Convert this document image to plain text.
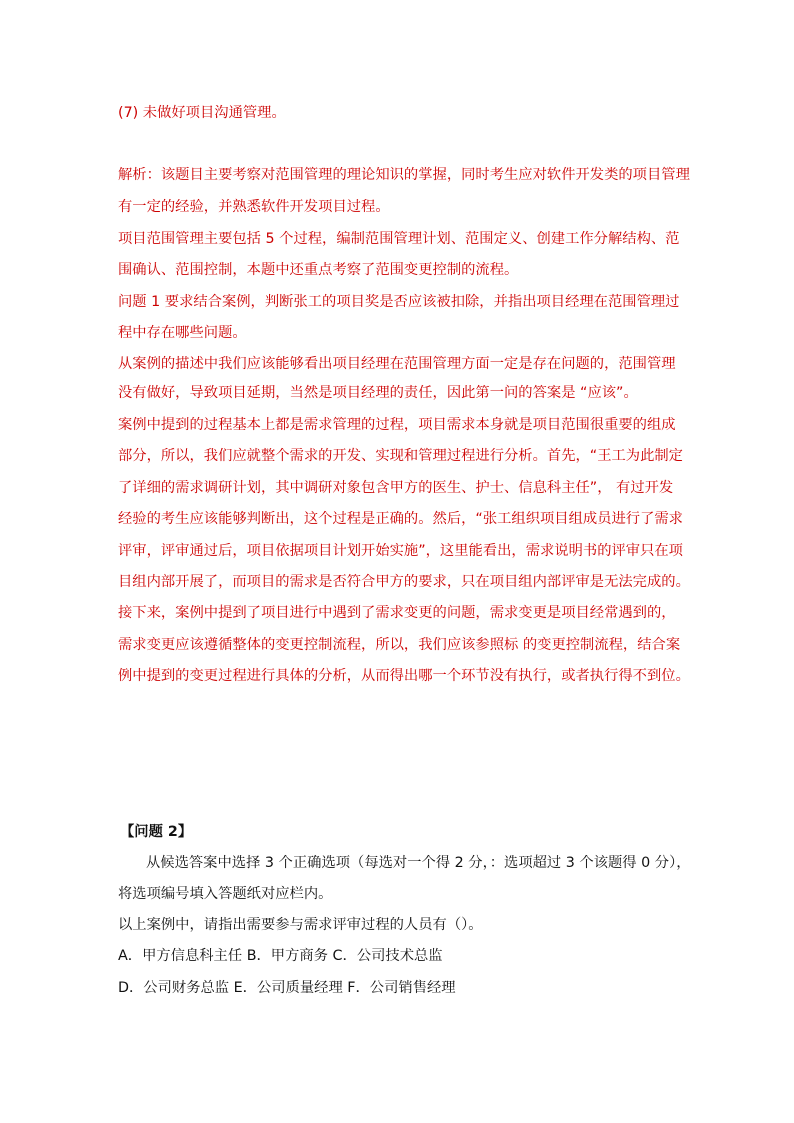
(7) 未做好项目沟通管理。
解析：该题目主要考察对范围管理的理论知识的掌握，同时考生应对软件开发类的项目管理
有一定的经验，并熟悉软件开发项目过程。
项目范围管理主要包括 5 个过程，编制范围管理计划、范围定义、创建工作分解结构、范
围确认、范围控制，本题中还重点考察了范围变更控制的流程。
问题 1 要求结合案例，判断张工的项目奖是否应该被扣除，并指出项目经理在范围管理过
程中存在哪些问题。
从案例的描述中我们应该能够看出项目经理在范围管理方面一定是存在问题的，范围管理
没有做好，导致项目延期，当然是项目经理的责任，因此第一问的答案是 “应该”。
案例中提到的过程基本上都是需求管理的过程，项目需求本身就是项目范围很重要的组成
部分，所以，我们应就整个需求的开发、实现和管理过程进行分析。首先，“王工为此制定
了详细的需求调研计划，其中调研对象包含甲方的医生、护士、信息科主任”， 有过开发
经验的考生应该能够判断出，这个过程是正确的。然后，“张工组织项目组成员进行了需求
评审，评审通过后，项目依据项目计划开始实施”，这里能看出，需求说明书的评审只在项
目组内部开展了，而项目的需求是否符合甲方的要求，只在项目组内部评审是无法完成的。
接下来，案例中提到了项目进行中遇到了需求变更的问题，需求变更是项目经常遇到的，
需求变更应该遵循整体的变更控制流程，所以，我们应该参照标 的变更控制流程，结合案
例中提到的变更过程进行具体的分析，从而得出哪一个环节没有执行，或者执行得不到位。
【问题 2】
从候选答案中选择 3 个正确选项（每选对一个得 2 分，：选项超过 3 个该题得 0 分），
将选项编号填入答题纸对应栏内。
以上案例中，请指出需要参与需求评审过程的人员有（）。
A．甲方信息科主任 B．甲方商务 C．公司技术总监
D．公司财务总监 E．公司质量经理 F．公司销售经理
